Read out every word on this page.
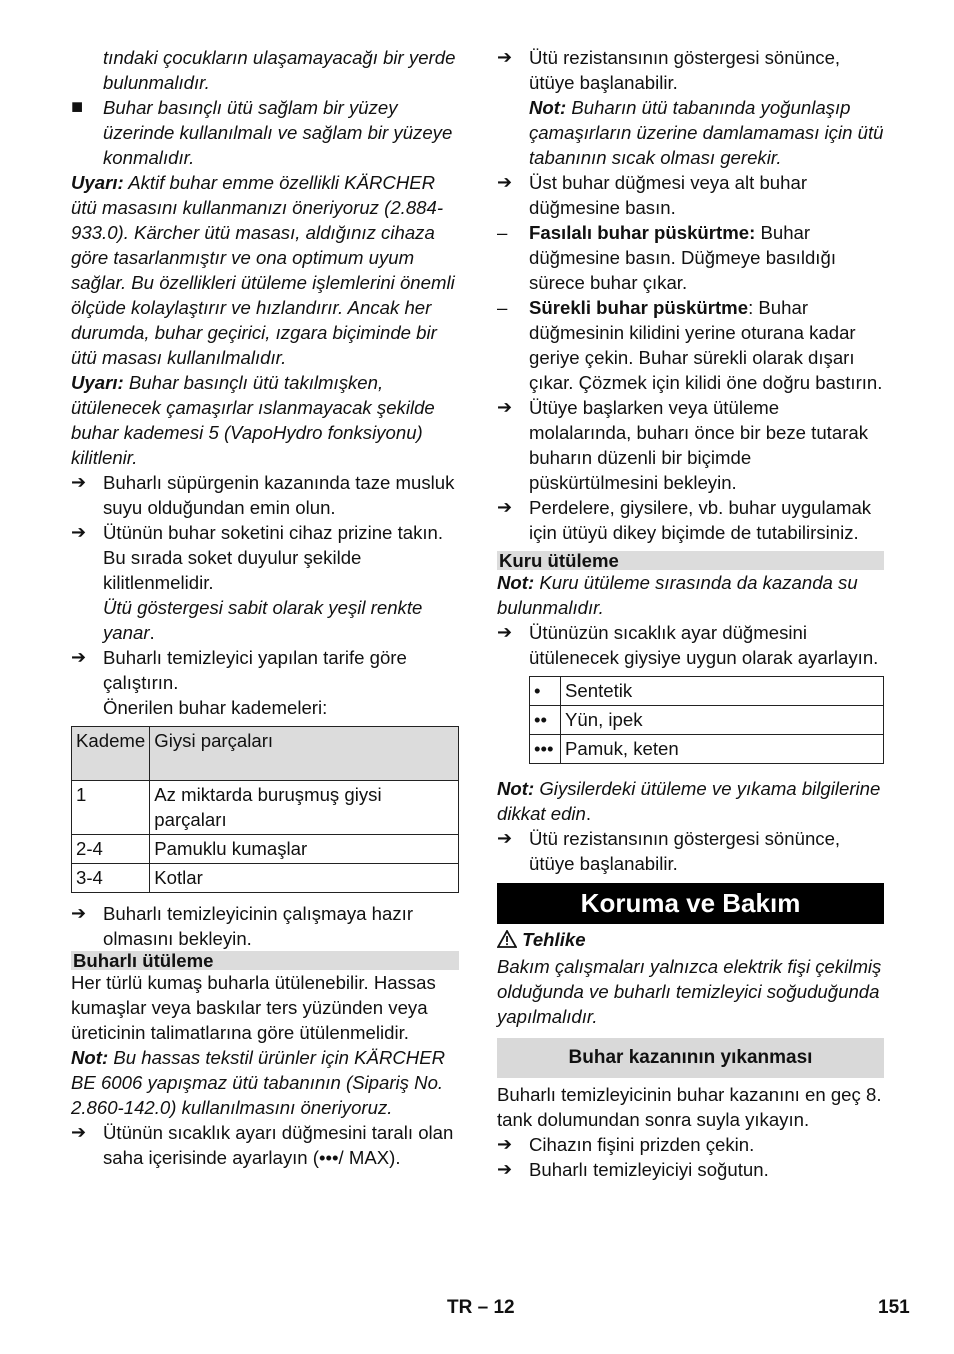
tındaki çocukların ulaşamayacağı bir yerde bulunmalıdır.

■	Buhar basınçlı ütü sağlam bir yüzey üzerinde kullanılmalı ve sağlam bir yüzeye konmalıdır.

Uyarı: Aktif buhar emme özellikli KÄRCHER ütü masasını kullanmanızı öneriyoruz (2.884-933.0). Kärcher ütü masası, aldığınız cihaza göre tasarlanmıştır ve ona optimum uyum sağlar. Bu özellikleri ütüleme işlemlerini önemli ölçüde kolaylaştırır ve hızlandırır. Ancak her durumda, buhar geçirici, ızgara biçiminde bir ütü masası kullanılmalıdır.

Uyarı: Buhar basınçlı ütü takılmışken, ütülenecek çamaşırlar ıslanmayacak şekilde buhar kademesi 5 (VapoHydro fonksiyonu) kilitlenir.

➔ Buharlı süpürgenin kazanında taze musluk suyu olduğundan emin olun.
➔ Ütünün buhar soketini cihaz prizine takın. Bu sırada soket duyulur şekilde kilitlenmelidir.

Ütü göstergesi sabit olarak yeşil renkte yanar.

➔ Buharlı temizleyici yapılan tarife göre çalıştırın.

Önerilen buhar kademeleri:

Kademe	Giysi parçaları
1	Az miktarda buruşmuş giysi parçaları
2-4	Pamuklu kumaşlar
3-4	Kotlar
➔ Buharlı temizleyicinin çalışmaya hazır olmasını bekleyin.

Buharlı ütüleme

Her türlü kumaş buharla ütülenebilir. Hassas kumaşlar veya baskılar ters yüzünden veya üreticinin talimatlarına göre ütülenmelidir.

Not: Bu hassas tekstil ürünler için KÄRCHER BE 6006 yapışmaz ütü tabanının (Sipariş No. 2.860-142.0) kullanılmasını öneriyoruz.

➔ Ütünün sıcaklık ayarı düğmesini taralı olan saha içerisinde ayarlayın (•••/ MAX).
➔ Ütü rezistansının göstergesi sönünce, ütüye başlanabilir.

Not: Buharın ütü tabanında yoğunlaşıp çamaşırların üzerine damlamaması için ütü tabanının sıcak olması gerekir.

➔ Üst buhar düğmesi veya alt buhar düğmesine basın.
–	Fasılalı buhar püskürtme: Buhar düğmesine basın. Düğmeye basıldığı sürece buhar çıkar.
–	Sürekli buhar püskürtme: Buhar düğmesinin kilidini yerine oturana kadar geriye çekin. Buhar sürekli olarak dışarı çıkar. Çözmek için kilidi öne doğru bastırın.
➔ Ütüye başlarken veya ütüleme molalarında, buharı önce bir beze tutarak buharın düzenli bir biçimde püskürtülmesini bekleyin.
➔ Perdelere, giysilere, vb. buhar uygulamak için ütüyü dikey biçimde de tutabilirsiniz.

Kuru ütüleme

Not: Kuru ütüleme sırasında da kazanda su bulunmalıdır.

➔ Ütünüzün sıcaklık ayar düğmesini ütülenecek giysiye uygun olarak ayarlayın.
•	Sentetik
••	Yün, ipek
•••	Pamuk, keten

Not: Giysilerdeki ütüleme ve yıkama bilgilerine dikkat edin.

➔ Ütü rezistansının göstergesi sönünce, ütüye başlanabilir.
Koruma ve Bakım

Tehlike

Bakım çalışmaları yalnızca elektrik fişi çekilmiş olduğunda ve buharlı temizleyici soğuduğunda yapılmalıdır.

Buhar kazanının yıkanması

Buharlı temizleyicinin buhar kazanını en geç 8. tank dolumundan sonra suyla yıkayın.

➔ Cihazın fişini prizden çekin.
➔ Buharlı temizleyiciyi soğutun.
TR – 12	151
